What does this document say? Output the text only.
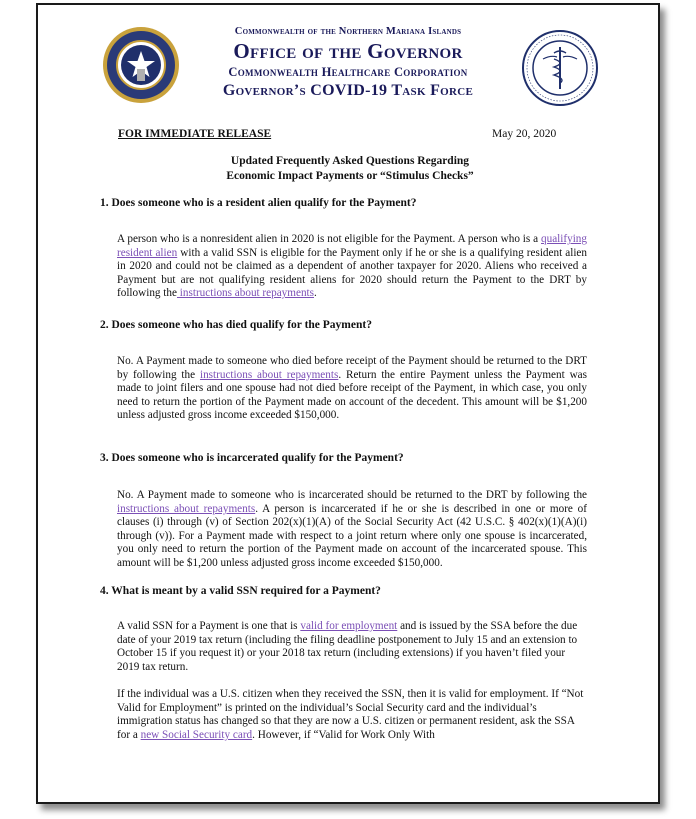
Commonwealth of the Northern Mariana Islands
Office of the Governor
Commonwealth Healthcare Corporation
Governor’s COVID-19 Task Force
FOR IMMEDIATE RELEASE	May 20, 2020
Updated Frequently Asked Questions Regarding
Economic Impact Payments or “Stimulus Checks”
1. Does someone who is a resident alien qualify for the Payment?
A person who is a nonresident alien in 2020 is not eligible for the Payment. A person who is a qualifying resident alien with a valid SSN is eligible for the Payment only if he or she is a qualifying resident alien in 2020 and could not be claimed as a dependent of another taxpayer for 2020. Aliens who received a Payment but are not qualifying resident aliens for 2020 should return the Payment to the DRT by following the instructions about repayments.
2. Does someone who has died qualify for the Payment?
No. A Payment made to someone who died before receipt of the Payment should be returned to the DRT by following the instructions about repayments. Return the entire Payment unless the Payment was made to joint filers and one spouse had not died before receipt of the Payment, in which case, you only need to return the portion of the Payment made on account of the decedent. This amount will be $1,200 unless adjusted gross income exceeded $150,000.
3. Does someone who is incarcerated qualify for the Payment?
No. A Payment made to someone who is incarcerated should be returned to the DRT by following the instructions about repayments. A person is incarcerated if he or she is described in one or more of clauses (i) through (v) of Section 202(x)(1)(A) of the Social Security Act (42 U.S.C. § 402(x)(1)(A)(i) through (v)). For a Payment made with respect to a joint return where only one spouse is incarcerated, you only need to return the portion of the Payment made on account of the incarcerated spouse. This amount will be $1,200 unless adjusted gross income exceeded $150,000.
4. What is meant by a valid SSN required for a Payment?
A valid SSN for a Payment is one that is valid for employment and is issued by the SSA before the due date of your 2019 tax return (including the filing deadline postponement to July 15 and an extension to October 15 if you request it) or your 2018 tax return (including extensions) if you haven’t filed your 2019 tax return.
If the individual was a U.S. citizen when they received the SSN, then it is valid for employment. If “Not Valid for Employment” is printed on the individual’s Social Security card and the individual’s immigration status has changed so that they are now a U.S. citizen or permanent resident, ask the SSA for a new Social Security card. However, if “Valid for Work Only With
